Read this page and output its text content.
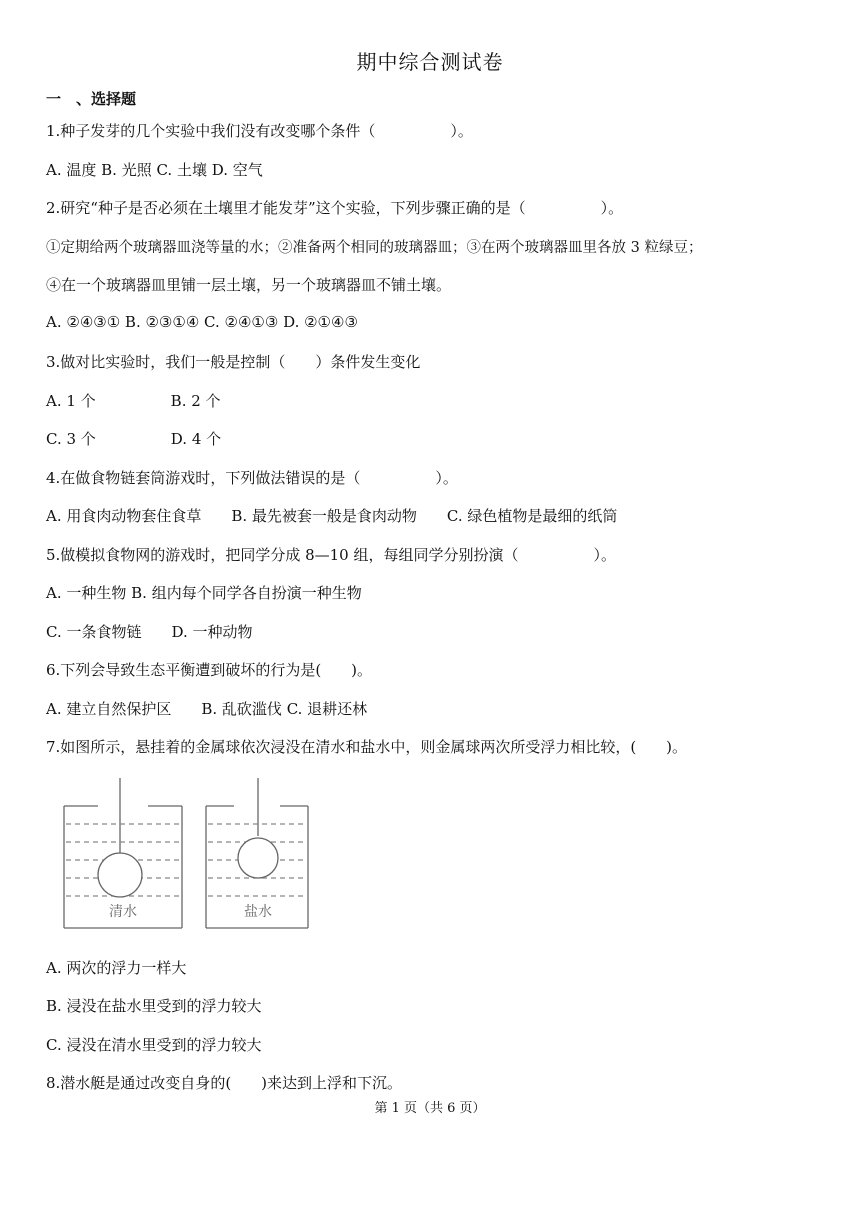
期中综合测试卷
一　、选择题
1.种子发芽的几个实验中我们没有改变哪个条件（　　　　　）。
A. 温度 B. 光照 C. 土壤 D. 空气
2.研究“种子是否必须在土壤里才能发芽”这个实验，下列步骤正确的是（　　　　　）。
①定期给两个玻璃器皿浇等量的水；②准备两个相同的玻璃器皿；③在两个玻璃器皿里各放 3 粒绿豆；
④在一个玻璃器皿里铺一层土壤，另一个玻璃器皿不铺土壤。
A. ②④③① B. ②③①④ C. ②④①③ D. ②①④③
3.做对比实验时，我们一般是控制（　　）条件发生变化
A. 1 个　　　　　B. 2 个
C. 3 个　　　　　D. 4 个
4.在做食物链套筒游戏时，下列做法错误的是（　　　　　）。
A. 用食肉动物套住食草　　B. 最先被套一般是食肉动物　　C. 绿色植物是最细的纸筒
5.做模拟食物网的游戏时，把同学分成 8—10 组，每组同学分别扮演（　　　　　）。
A. 一种生物 B. 组内每个同学各自扮演一种生物
C. 一条食物链　　D. 一种动物
6.下列会导致生态平衡遭到破坏的行为是(　　)。
A. 建立自然保护区　　B. 乱砍滥伐 C. 退耕还林
7.如图所示，悬挂着的金属球依次浸没在清水和盐水中，则金属球两次所受浮力相比较，(　　)。
清水	盐水
A. 两次的浮力一样大
B. 浸没在盐水里受到的浮力较大
C. 浸没在清水里受到的浮力较大
8.潜水艇是通过改变自身的(　　)来达到上浮和下沉。
第 1 页（共 6 页）
